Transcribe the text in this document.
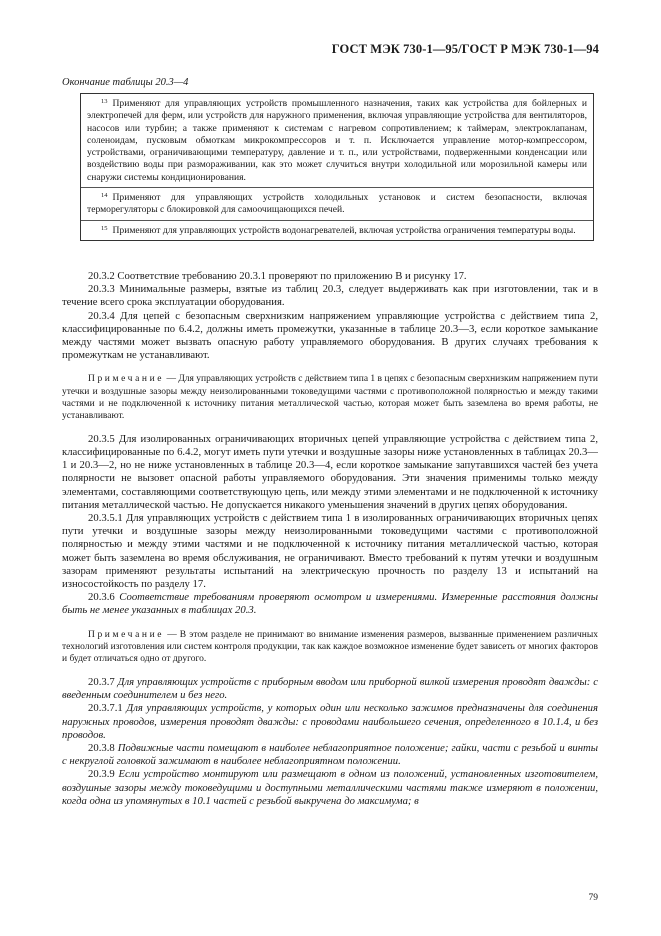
ГОСТ МЭК 730-1—95/ГОСТ Р МЭК 730-1—94
Окончание таблицы 20.3—4
$^{13}$ Применяют для управляющих устройств промышленного назначения, таких как устройства для бойлерных и электропечей для ферм, или устройств для наружного применения, включая управляющие устройства для вентиляторов, насосов или турбин; а также применяют к системам с нагревом сопротивлением; к таймерам, электроклапанам, соленоидам, пусковым обмоткам микрокомпрессоров и т. п. Исключается управление мотор-компрессором, устройствами, ограничивающими температуру, давление и т. п., или устройствами, подверженными конденсации или воздействию воды при размораживании, как это может случиться внутри холодильной или морозильной камеры или снаружи системы кондиционирования.
$^{14}$ Применяют для управляющих устройств холодильных установок и систем безопасности, включая терморегуляторы с блокировкой для самоочищающихся печей.
$^{15}$ Применяют для управляющих устройств водонагревателей, включая устройства ограничения температуры воды.

20.3.2 Соответствие требованию 20.3.1 проверяют по приложению В и рисунку 17.

20.3.3 Минимальные размеры, взятые из таблиц 20.3, следует выдерживать как при изготовлении, так и в течение всего срока эксплуатации оборудования.

20.3.4 Для цепей с безопасным сверхнизким напряжением управляющие устройства с действием типа 2, классифицированные по 6.4.2, должны иметь промежутки, указанные в таблице 20.3—3, если короткое замыкание между частями может вызвать опасную работу управляемого оборудования. В других случаях требования к промежуткам не устанавливают.

Примечание — Для управляющих устройств с действием типа 1 в цепях с безопасным сверхнизким напряжением пути утечки и воздушные зазоры между неизолированными токоведущими частями с противоположной полярностью и между такими частями и не подключенной к источнику питания металлической частью, которая может быть заземлена во время работы, не устанавливают.

20.3.5 Для изолированных ограничивающих вторичных цепей управляющие устройства с действием типа 2, классифицированные по 6.4.2, могут иметь пути утечки и воздушные зазоры ниже установленных в таблицах 20.3—1 и 20.3—2, но не ниже установленных в таблице 20.3—4, если короткое замыкание запутавшихся частей без учета полярности не вызовет опасной работы управляемого оборудования. Эти значения применимы только между элементами, составляющими соответствующую цепь, или между этими элементами и не подключенной к источнику питания металлической частью. Не допускается никакого уменьшения значений в других цепях оборудования.

20.3.5.1 Для управляющих устройств с действием типа 1 в изолированных ограничивающих вторичных цепях пути утечки и воздушные зазоры между неизолированными токоведущими частями с противоположной полярностью и между этими частями и не подключенной к источнику питания металлической частью, которая может быть заземлена во время обслуживания, не ограничивают. Вместо требований к путям утечки и воздушным зазорам применяют результаты испытаний на электрическую прочность по разделу 13 и испытаний на износостойкость по разделу 17.

20.3.6 Соответствие требованиям проверяют осмотром и измерениями. Измеренные расстояния должны быть не менее указанных в таблицах 20.3.

Примечание — В этом разделе не принимают во внимание изменения размеров, вызванные применением различных технологий изготовления или систем контроля продукции, так как каждое возможное изменение будет зависеть от многих факторов и будет отличаться одно от другого.

20.3.7 Для управляющих устройств с приборным вводом или приборной вилкой измерения проводят дважды: с введенным соединителем и без него.

20.3.7.1 Для управляющих устройств, у которых один или несколько зажимов предназначены для соединения наружных проводов, измерения проводят дважды: с проводами наибольшего сечения, определенного в 10.1.4, и без проводов.

20.3.8 Подвижные части помещают в наиболее неблагоприятное положение; гайки, части с резьбой и винты с некруглой головкой зажимают в наиболее неблагоприятном положении.

20.3.9 Если устройство монтируют или размещают в одном из положений, установленных изготовителем, воздушные зазоры между токоведущими и доступными металлическими частями также измеряют в положении, когда одна из упомянутых в 10.1 частей с резьбой выкручена до максимума; в

79
